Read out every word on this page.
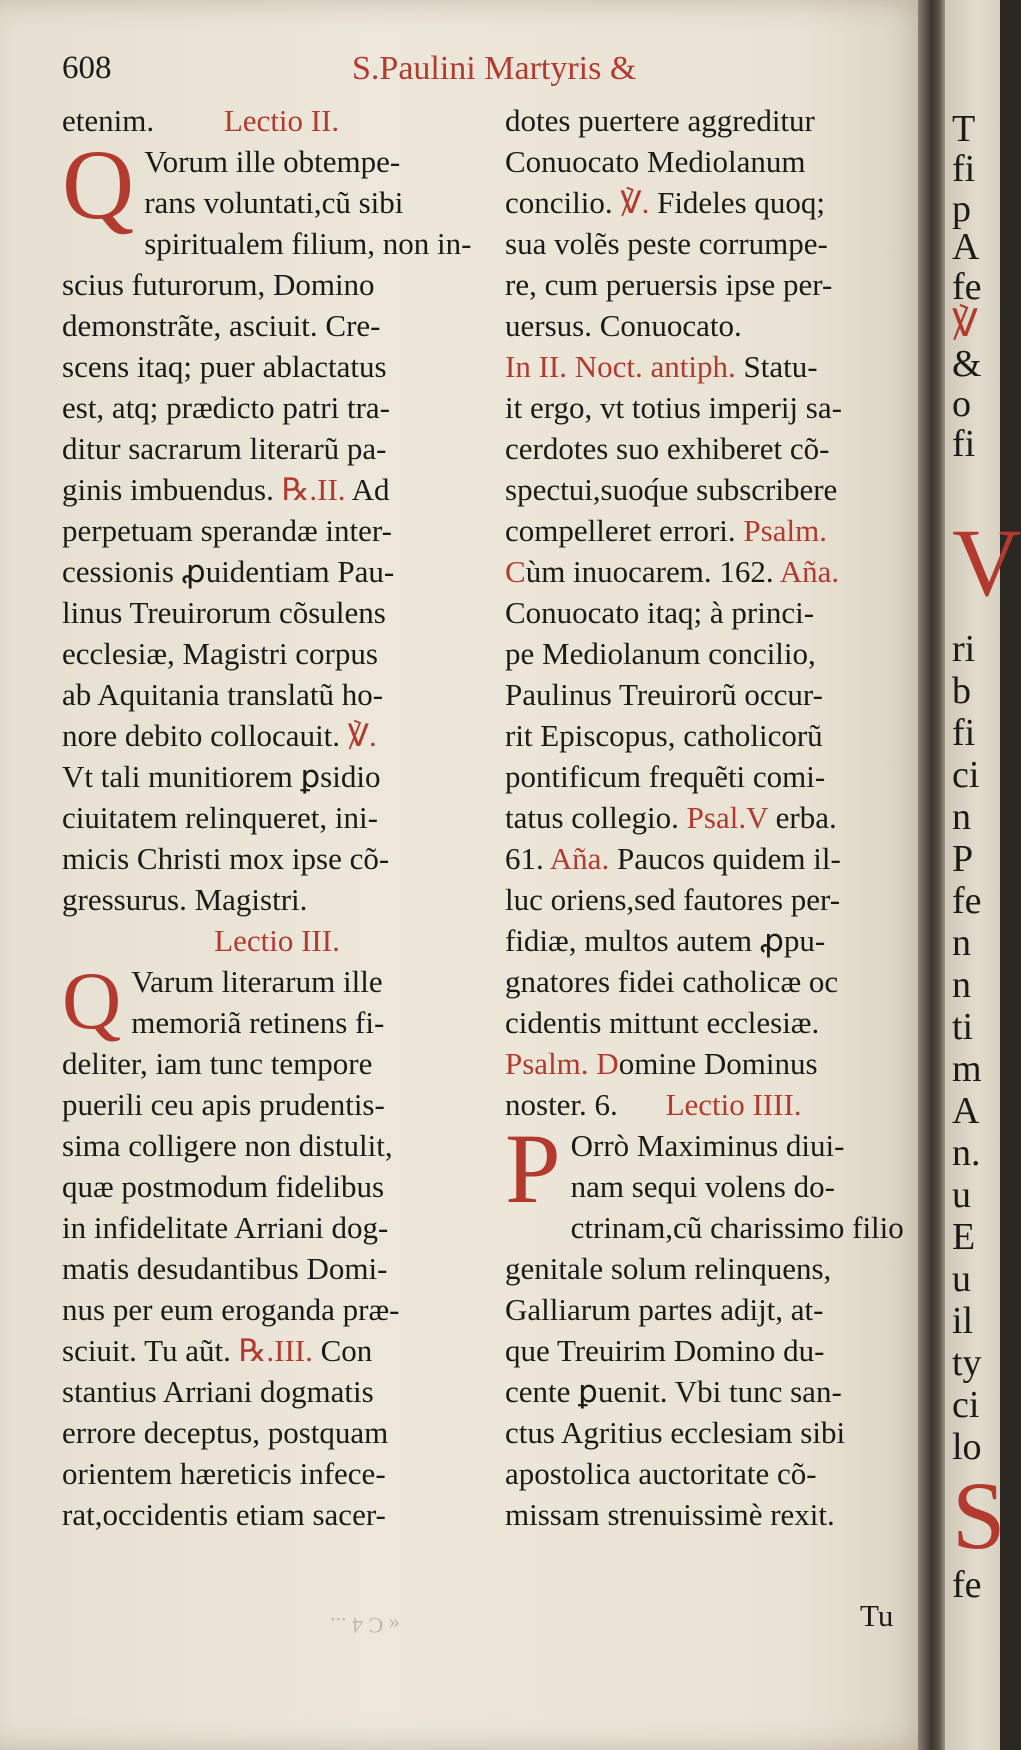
608	S.Paulini Martyris &
etenim. Lectio II.
Q Vorum ille obtempe-
rans voluntati,cũ sibi
spiritualem filium, non in-
scius futurorum, Domino
demonstrãte, asciuit. Cre-
scens itaq; puer ablactatus
est, atq; prædicto patri tra-
ditur sacrarum literarũ pa-
ginis imbuendus. ℞.II. Ad
perpetuam sperandæ inter-
cessionis ꝓuidentiam Pau-
linus Treuirorum cõsulens
ecclesiæ, Magistri corpus
ab Aquitania translatũ ho-
nore debito collocauit. ℣.
Vt tali munitiorem ꝑsidio
ciuitatem relinqueret, ini-
micis Christi mox ipse cõ-
gressurus. Magistri.
Lectio III.
Q Varum literarum ille
memoriã retinens fi-
deliter, iam tunc tempore
puerili ceu apis prudentis-
sima colligere non distulit,
quæ postmodum fidelibus
in infidelitate Arriani dog-
matis desudantibus Domi-
nus per eum eroganda præ-
sciuit. Tu aũt. ℞.III. Con
stantius Arriani dogmatis
errore deceptus, postquam
orientem hæreticis infece-
rat,occidentis etiam sacer-
dotes puertere aggreditur
Conuocato Mediolanum
concilio. ℣. Fideles quoq;
sua volẽs peste corrumpe-
re, cum peruersis ipse per-
uersus. Conuocato.
In II. Noct. antiph. Statu-
it ergo, vt totius imperij sa-
cerdotes suo exhiberet cõ-
spectui,suoq́ue subscribere
compelleret errori. Psalm.
Cùm inuocarem. 162. Aña.
Conuocato itaq; à princi-
pe Mediolanum concilio,
Paulinus Treuirorũ occur-
rit Episcopus, catholicorũ
pontificum frequẽti comi-
tatus collegio. Psal.V erba.
61. Aña. Paucos quidem il-
luc oriens,sed fautores per-
fidiæ, multos autem ꝓpu-
gnatores fidei catholicæ oc
cidentis mittunt ecclesiæ.
Psalm. Domine Dominus
noster. 6. Lectio IIII.
P Orrò Maximinus diui-
nam sequi volens do-
ctrinam,cũ charissimo filio
genitale solum relinquens,
Galliarum partes adijt, at-
que Treuirim Domino du-
cente ꝑuenit. Vbi tunc san-
ctus Agritius ecclesiam sibi
apostolica auctoritate cõ-
missam strenuissimè rexit.
Tu
« C 4 ...
T
fi
p
A
fe
℣
&
o
fi
V
ri
b
fi
ci
n
P
fe
n
n
ti
m
A
n.
u
E
u
il
ty
ci
lo
S
fe
